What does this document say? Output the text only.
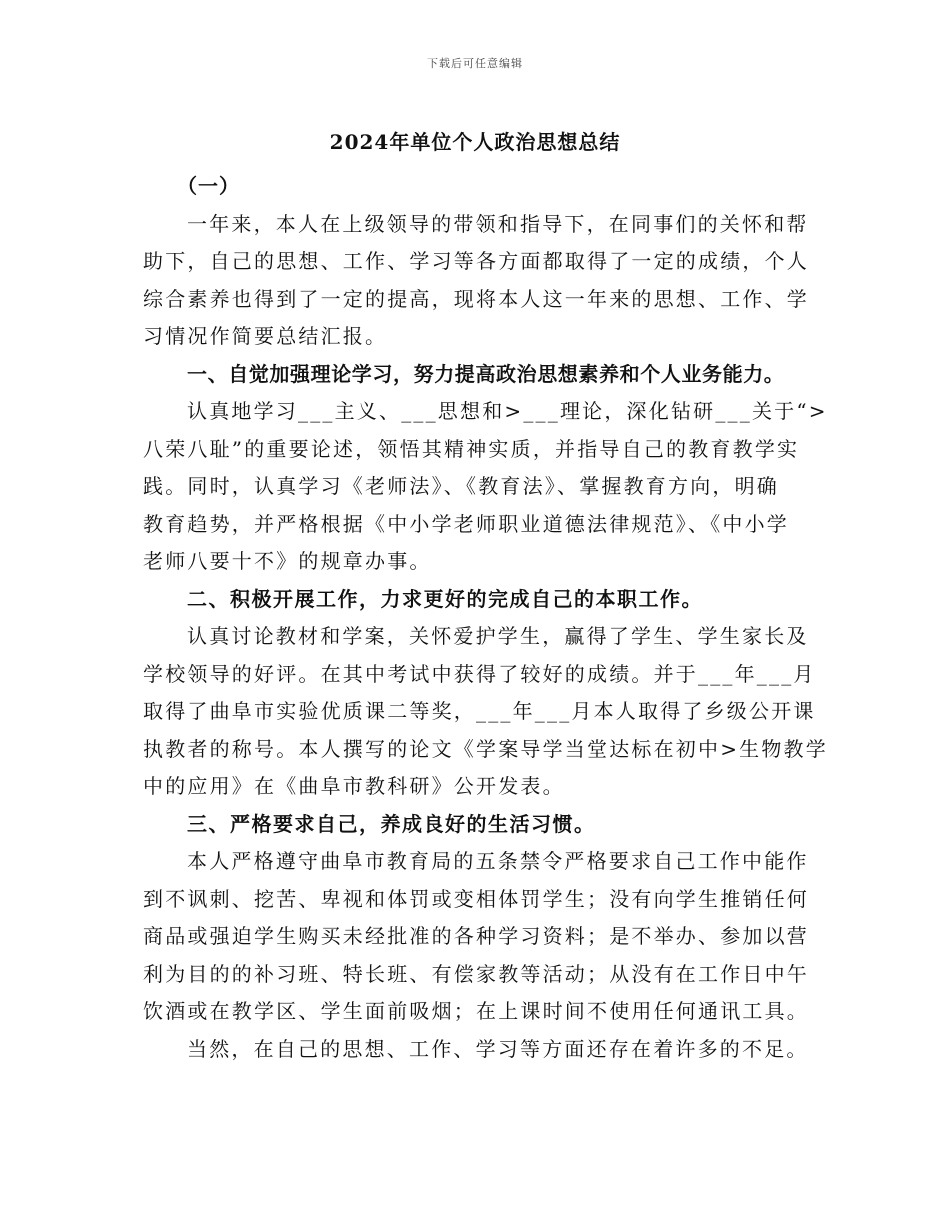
下载后可任意编辑
2024年单位个人政治思想总结
（一）
一年来，本人在上级领导的带领和指导下，在同事们的关怀和帮
助下，自己的思想、工作、学习等各方面都取得了一定的成绩，个人
综合素养也得到了一定的提高，现将本人这一年来的思想、工作、学
习情况作简要总结汇报。
一、自觉加强理论学习，努力提高政治思想素养和个人业务能力。
认真地学习___主义、___思想和>___理论，深化钻研___关于“>
八荣八耻”的重要论述，领悟其精神实质，并指导自己的教育教学实
践。同时，认真学习《老师法》、《教育法》、掌握教育方向，明确
教育趋势，并严格根据《中小学老师职业道德法律规范》、《中小学
老师八要十不》的规章办事。
二、积极开展工作，力求更好的完成自己的本职工作。
认真讨论教材和学案，关怀爱护学生，赢得了学生、学生家长及
学校领导的好评。在其中考试中获得了较好的成绩。并于___年___月
取得了曲阜市实验优质课二等奖，___年___月本人取得了乡级公开课
执教者的称号。本人撰写的论文《学案导学当堂达标在初中>生物教学
中的应用》在《曲阜市教科研》公开发表。
三、严格要求自己，养成良好的生活习惯。
本人严格遵守曲阜市教育局的五条禁令严格要求自己工作中能作
到不讽刺、挖苦、卑视和体罚或变相体罚学生；没有向学生推销任何
商品或强迫学生购买未经批准的各种学习资料；是不举办、参加以营
利为目的的补习班、特长班、有偿家教等活动；从没有在工作日中午
饮酒或在教学区、学生面前吸烟；在上课时间不使用任何通讯工具。
当然，在自己的思想、工作、学习等方面还存在着许多的不足。
